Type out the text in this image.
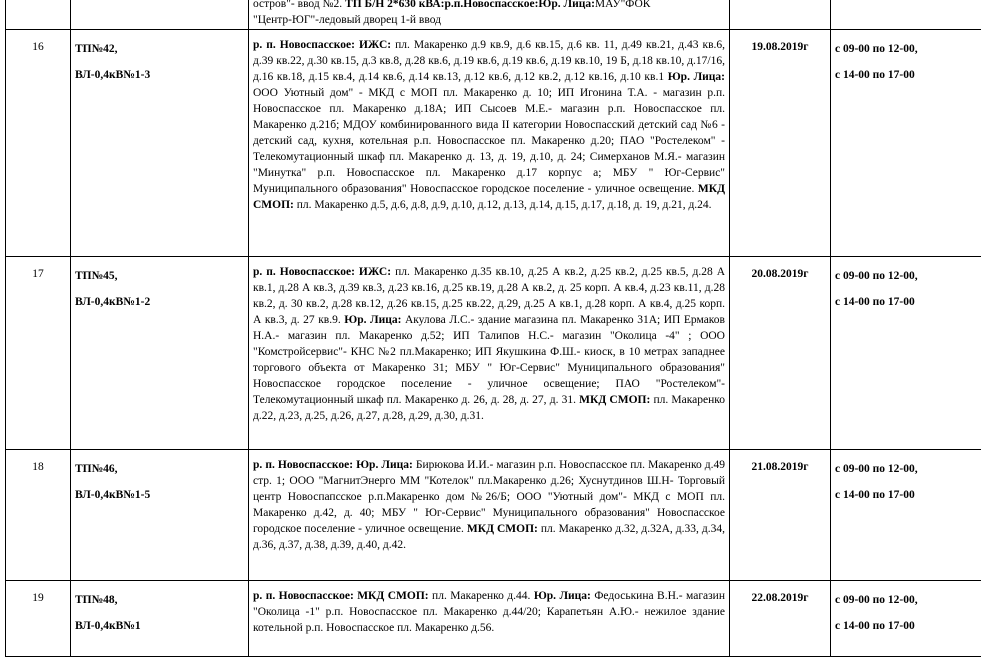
		остров"- ввод №2. ТП Б/Н 2*630 кВА:р.п.Новоспасское:Юр. Лица:МАУ"ФОК
"Центр-ЮГ"-ледовый дворец 1-й ввод		
16	ТП№42,
ВЛ-0,4кВ№1-3	р. п. Новоспасское: ИЖС: пл. Макаренко д.9 кв.9, д.6 кв.15, д.6 кв. 11, д.49 кв.21, д.43 кв.6, д.39 кв.22, д.30 кв.15, д.3 кв.8, д.28 кв.6, д.19 кв.6, д.19 кв.6, д.19 кв.10, 19 Б, д.18 кв.10, д.17/16, д.16 кв.18, д.15 кв.4, д.14 кв.6, д.14 кв.13, д.12 кв.6, д.12 кв.2, д.12 кв.16, д.10 кв.1 Юр. Лица: ООО Уютный дом" - МКД с МОП пл. Макаренко д. 10; ИП Игонина Т.А. - магазин р.п. Новоспасское пл. Макаренко д.18А; ИП Сысоев М.Е.- магазин р.п. Новоспасское пл. Макаренко д.21б; МДОУ комбинированного вида II категории Новоспасский детский сад №6 - детский сад, кухня, котельная р.п. Новоспасское пл. Макаренко д.20; ПАО "Ростелеком" - Телекомутационный шкаф пл. Макаренко д. 13, д. 19, д.10, д. 24; Симерханов М.Я.- магазин "Минутка" р.п. Новоспасское пл. Макаренко д.17 корпус а; МБУ " Юг-Сервис" Муниципального образования" Новоспасское городское поселение - уличное освещение. МКД СМОП: пл. Макаренко д.5, д.6, д.8, д.9, д.10, д.12, д.13, д.14, д.15, д.17, д.18, д. 19, д.21, д.24.	19.08.2019г	с 09-00 по 12-00,
с 14-00 по 17-00

17	ТП№45,
ВЛ-0,4кВ№1-2	р. п. Новоспасское: ИЖС: пл. Макаренко д.35 кв.10, д.25 А кв.2, д.25 кв.2, д.25 кв.5, д.28 А кв.1, д.28 А кв.3, д.39 кв.3, д.23 кв.16, д.25 кв.19, д.28 А кв.2, д. 25 корп. А кв.4, д.23 кв.11, д.28 кв.2, д. 30 кв.2, д.28 кв.12, д.26 кв.15, д.25 кв.22, д.29, д.25 А кв.1, д.28 корп. А кв.4, д.25 корп. А кв.3, д. 27 кв.9. Юр. Лица: Акулова Л.С.- здание магазина пл. Макаренко 31А; ИП Ермаков Н.А.- магазин пл. Макаренко д.52; ИП Талипов Н.С.- магазин "Околица -4" ; ООО "Комстройсервис"- КНС №2 пл.Макаренко; ИП Якушкина Ф.Ш.- киоск, в 10 метрах западнее торгового объекта от Макаренко 31; МБУ " Юг-Сервис" Муниципального образования" Новоспасское городское поселение - уличное освещение; ПАО "Ростелеком"- Телекомутационный шкаф пл. Макаренко д. 26, д. 28, д. 27, д. 31. МКД СМОП: пл. Макаренко д.22, д.23, д.25, д.26, д.27, д.28, д.29, д.30, д.31.	20.08.2019г	с 09-00 по 12-00,
с 14-00 по 17-00

18	ТП№46,
ВЛ-0,4кВ№1-5	р. п. Новоспасское: Юр. Лица: Бирюкова И.И.- магазин р.п. Новоспасское пл. Макаренко д.49 стр. 1; ООО "МагнитЭнерго ММ "Котелок" пл.Макаренко д.26; Хуснутдинов Ш.Н- Торговый центр Новоспапсское р.п.Макаренко дом №26/Б; ООО "Уютный дом"- МКД с МОП пл. Макаренко д.42, д. 40; МБУ " Юг-Сервис" Муниципального образования" Новоспасское городское поселение - уличное освещение. МКД СМОП: пл. Макаренко д.32, д.32А, д.33, д.34, д.36, д.37, д.38, д.39, д.40, д.42.	21.08.2019г	с 09-00 по 12-00,
с 14-00 по 17-00

19	ТП№48,
ВЛ-0,4кВ№1	р. п. Новоспасское: МКД СМОП: пл. Макаренко д.44. Юр. Лица: Федоськина В.Н.- магазин "Околица -1" р.п. Новоспасское пл. Макаренко д.44/20; Карапетьян А.Ю.- нежилое здание котельной р.п. Новоспасское пл. Макаренко д.56.	22.08.2019г	с 09-00 по 12-00,
с 14-00 по 17-00
